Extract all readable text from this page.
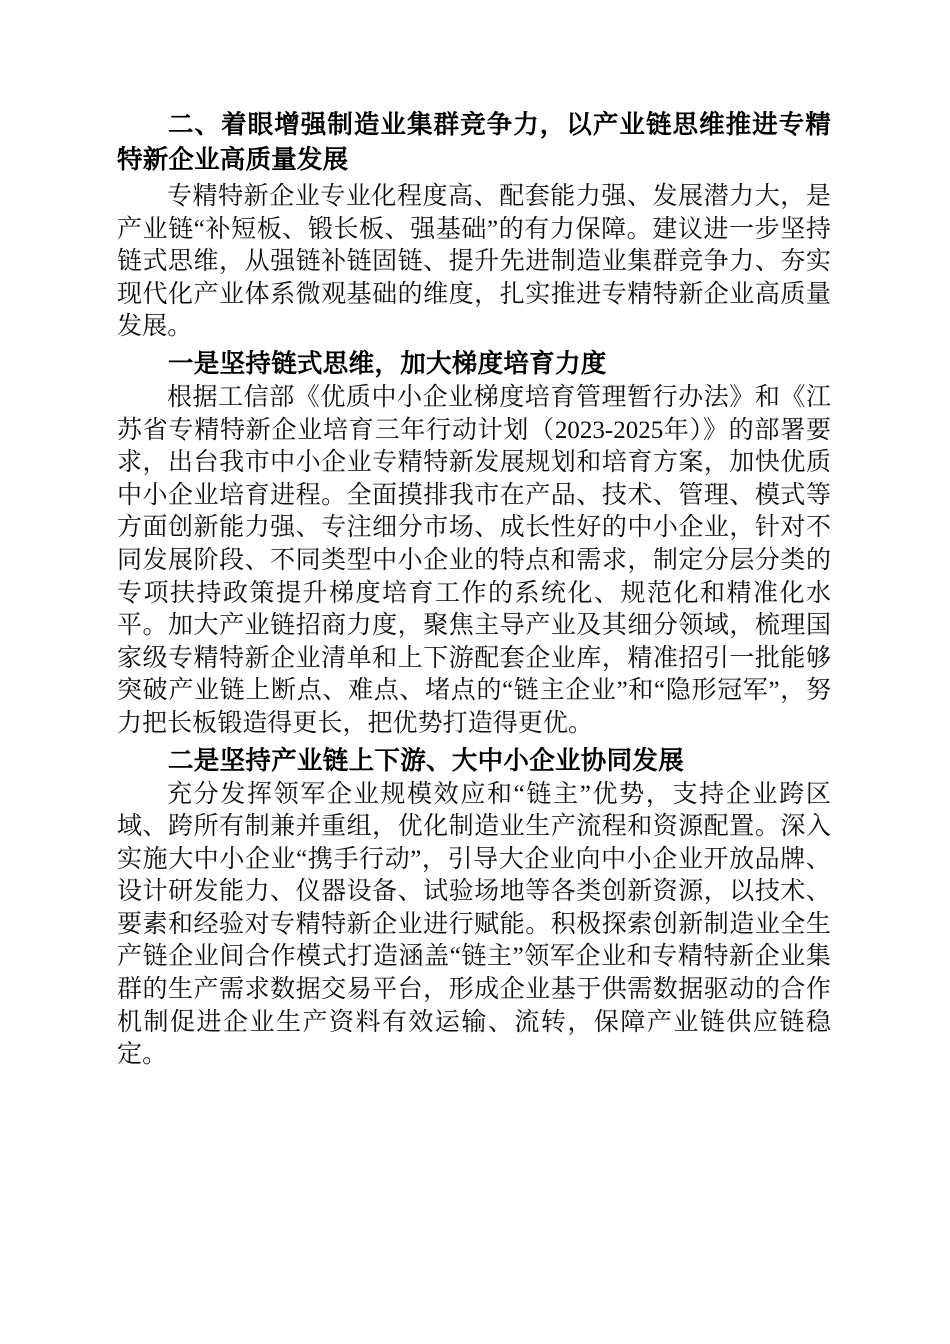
二、着眼增强制造业集群竞争力，以产业链思维推进专精特新企业高质量发展

专精特新企业专业化程度高、配套能力强、发展潜力大，是产业链“补短板、锻长板、强基础”的有力保障。建议进一步坚持链式思维，从强链补链固链、提升先进制造业集群竞争力、夯实现代化产业体系微观基础的维度，扎实推进专精特新企业高质量发展。

一是坚持链式思维，加大梯度培育力度

根据工信部《优质中小企业梯度培育管理暂行办法》和《江苏省专精特新企业培育三年行动计划（2023-2025年）》的部署要求，出台我市中小企业专精特新发展规划和培育方案，加快优质中小企业培育进程。全面摸排我市在产品、技术、管理、模式等方面创新能力强、专注细分市场、成长性好的中小企业，针对不同发展阶段、不同类型中小企业的特点和需求，制定分层分类的专项扶持政策提升梯度培育工作的系统化、规范化和精准化水平。加大产业链招商力度，聚焦主导产业及其细分领域，梳理国家级专精特新企业清单和上下游配套企业库，精准招引一批能够突破产业链上断点、难点、堵点的“链主企业”和“隐形冠军”，努力把长板锻造得更长，把优势打造得更优。

二是坚持产业链上下游、大中小企业协同发展

充分发挥领军企业规模效应和“链主”优势，支持企业跨区域、跨所有制兼并重组，优化制造业生产流程和资源配置。深入实施大中小企业“携手行动”，引导大企业向中小企业开放品牌、设计研发能力、仪器设备、试验场地等各类创新资源，以技术、要素和经验对专精特新企业进行赋能。积极探索创新制造业全生产链企业间合作模式打造涵盖“链主”领军企业和专精特新企业集群的生产需求数据交易平台，形成企业基于供需数据驱动的合作机制促进企业生产资料有效运输、流转，保障产业链供应链稳定。
